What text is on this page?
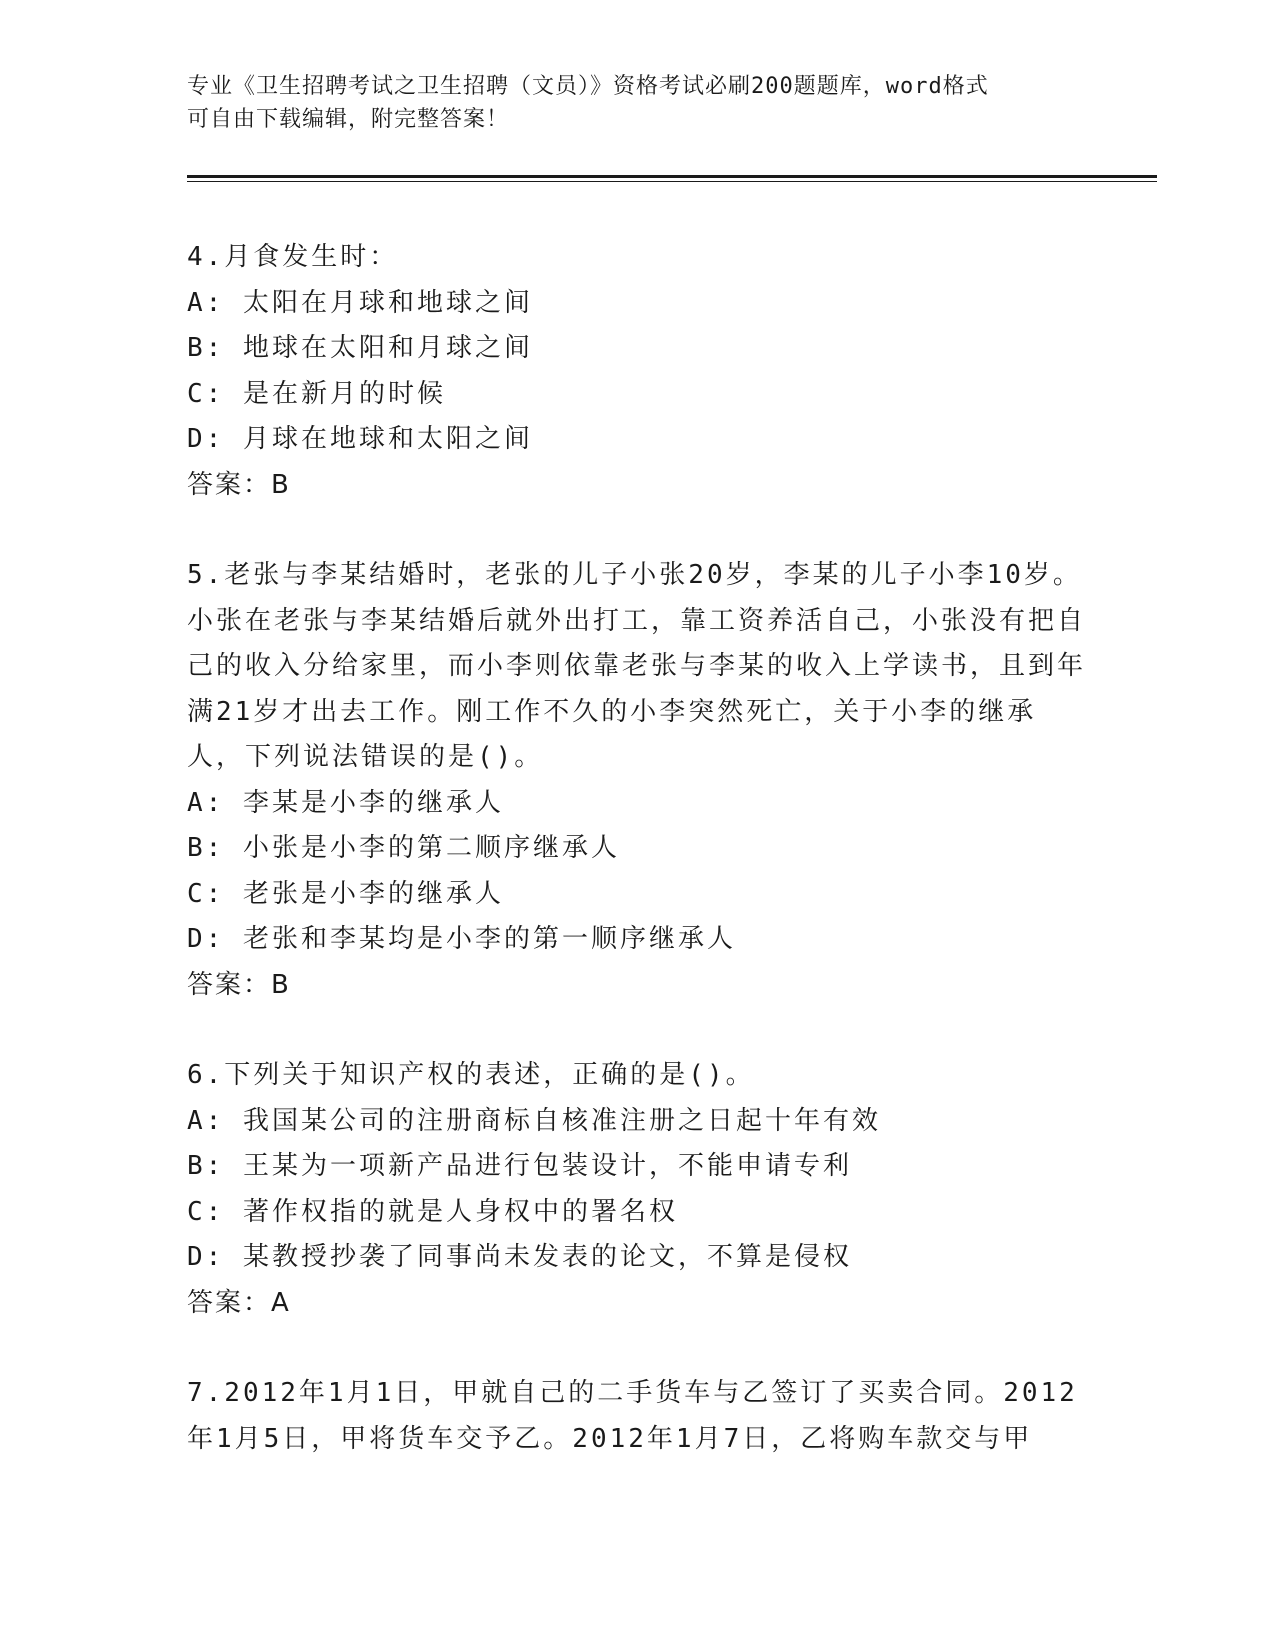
专业《卫生招聘考试之卫生招聘（文员）》资格考试必刷200题题库，word格式
可自由下载编辑，附完整答案！

4.月食发生时：

A: 太阳在月球和地球之间

B: 地球在太阳和月球之间

C: 是在新月的时候

D: 月球在地球和太阳之间

答案：B

5.老张与李某结婚时，老张的儿子小张20岁，李某的儿子小李10岁。小张在老张与李某结婚后就外出打工，靠工资养活自己，小张没有把自己的收入分给家里，而小李则依靠老张与李某的收入上学读书，且到年满21岁才出去工作。刚工作不久的小李突然死亡，关于小李的继承人，下列说法错误的是()。

A: 李某是小李的继承人

B: 小张是小李的第二顺序继承人

C: 老张是小李的继承人

D: 老张和李某均是小李的第一顺序继承人

答案：B

6.下列关于知识产权的表述，正确的是()。

A: 我国某公司的注册商标自核准注册之日起十年有效

B: 王某为一项新产品进行包装设计，不能申请专利

C: 著作权指的就是人身权中的署名权

D: 某教授抄袭了同事尚未发表的论文，不算是侵权

答案：A

7.2012年1月1日，甲就自己的二手货车与乙签订了买卖合同。2012年1月5日，甲将货车交予乙。2012年1月7日，乙将购车款交与甲
